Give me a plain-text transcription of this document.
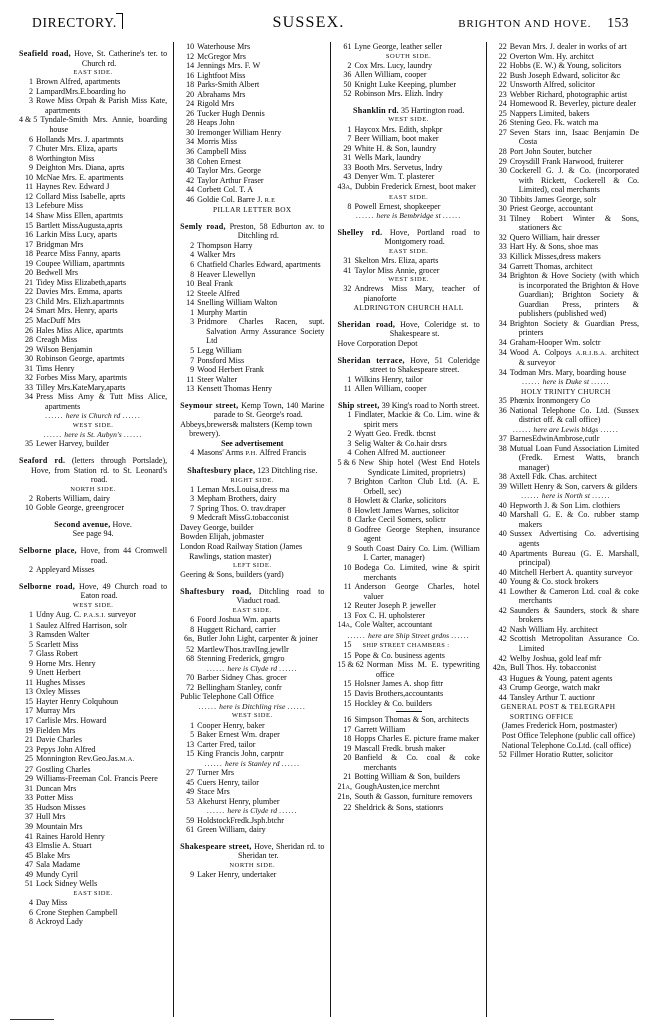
DIRECTORY.	SUSSEX.	BRIGHTON AND HOVE.	153
Seafield road, Hove, St. Catherine's ter. to Church rd.
EAST SIDE.
1 Brown Alfred, apartments
2 LampardMrs.E.boarding ho
3 Rowe Miss Orpah & Parish Miss Kate, apartments
4 & 5 Tyndale-Smith Mrs. Annie, boarding house
6 Hollands Mrs. J. apartmnts
7 Chuter Mrs. Eliza, aparts
8 Worthington Miss
9 Deighton Mrs. Diana, aprts
10 McNae Mrs. E. apartments
11 Haynes Rev. Edward J
12 Collard Miss Isabelle, aprts
13 Lefebure Miss
14 Shaw Miss Ellen, apartmts
15 Bartlett MissAugusta,aprts
16 Larkin Miss Lucy, aparts
17 Bridgman Mrs
18 Pearce Miss Fanny, aparts
19 Coupee William, apartmnts
20 Bedwell Mrs
21 Tidey Miss Elizabeth,aparts
22 Davies Mrs. Emma, aparts
23 Child Mrs. Elizh.apartmnts
24 Smart Mrs. Henry, aparts
25 MacDuff Mrs
26 Hales Miss Alice, apartmts
28 Creagh Miss
29 Wilson Benjamin
30 Robinson George, apartmts
31 Tims Henry
32 Forbes Miss Mary, apartmts
33 Tilley Mrs.KateMary,aparts
34 Press Miss Amy & Tutt Miss Alice, apartments
...... here is Church rd ......
WEST SIDE.
...... here is St. Aubyn's ......
35 Lewer Harvey, builder
Seaford rd. (letters through Portslade), Hove, from Station rd. to St. Leonard's road.
NORTH SIDE.
2 Roberts William, dairy
10 Goble George, greengrocer
Second avenue, Hove.
See page 94.
Selborne place, Hove, from 44 Cromwell road.
2 Appleyard Misses
Selborne road, Hove, 49 Church road to Eaton road.
WEST SIDE.
1 Udny Aug. C. P.A.S.I. surveyor
1 Saulez Alfred Harrison, solr
3 Ramsden Walter
5 Scarlett Miss
7 Glass Robert
9 Horne Mrs. Henry
9 Unett Herbert
11 Hughes Misses
13 Oxley Misses
15 Hayter Henry Colquhoun
17 Murray Mrs
17 Carlisle Mrs. Howard
19 Fielden Mrs
21 Davie Charles
23 Pepys John Alfred
25 Monnington Rev.Geo.Jas.M.A.
27 Gostling Charles
29 Williams-Freeman Col. Francis Peere
31 Duncan Mrs
33 Potter Miss
35 Hudson Misses
37 Hull Mrs
39 Mountain Mrs
41 Raines Harold Henry
43 Elmslie A. Stuart
45 Blake Mrs
47 Sala Madame
49 Mundy Cyril
51 Lock Sidney Wells
EAST SIDE.
4 Day Miss
6 Crone Stephen Campbell
8 Ackroyd Lady
10 Waterhouse Mrs
12 McGregor Mrs
14 Jennings Mrs. F. W
16 Lightfoot Miss
18 Parks-Smith Albert
20 Abrahams Mrs
24 Rigold Mrs
26 Tucker Hugh Dennis
28 Heaps John
30 Iremonger William Henry
34 Morris Miss
36 Campbell Miss
38 Cohen Ernest
40 Taylor Mrs. George
42 Taylor Arthur Fraser
44 Corbett Col. T. A
46 Goldie Col. Barre J. R.E
PILLAR LETTER BOX
Semly road, Preston, 58 Edburton av. to Ditchling rd.
2 Thompson Harry
4 Walker Mrs
6 Chatfield Charles Edward, apartments
8 Heaver Llewellyn
10 Beal Frank
12 Steele Alfred
14 Snelling William Walton
1 Murphy Martin
3 Pridmore Charles Racen, supt. Salvation Army Assurance Society Ltd
5 Legg William
7 Ponsford Miss
9 Wood Herbert Frank
11 Steer Walter
13 Kensett Thomas Henry
Seymour street, Kemp Town, 140 Marine parade to St. George's road.
Abbeys,brewers& maltsters (Kemp town brewery).
See advertisement
4 Masons' Arms P.H. Alfred Francis
Shaftesbury place, 123 Ditchling rise.
RIGHT SIDE.
1 Leman Mrs.Louisa,dress ma
3 Mepham Brothers, dairy
7 Spring Thos. O. trav.draper
9 Medcraft MissG.tobacconist
Davey George, builder
Bowden Elijah, jobmaster
London Road Railway Station (James Rawlings, station master)
LEFT SIDE.
Geering & Sons, builders (yard)
Shaftesbury road, Ditchling road to Viaduct road.
EAST SIDE.
6 Foord Joshua Wm. aparts
8 Huggett Richard, carrier
6B, Butler John Light, carpenter & joiner
52 MartlewThos.travlIng.jewllr
68 Stenning Frederick, grngro
...... here is Clyde rd ......
70 Barber Sidney Chas. grocer
72 Bellingham Stanley, confr
Public Telephone Call Office
...... here is Ditchling rise ......
WEST SIDE.
1 Cooper Henry, baker
5 Baker Ernest Wm. draper
13 Carter Fred, tailor
15 King Francis John, carpntr
...... here is Stanley rd ......
27 Turner Mrs
45 Cuers Henry, tailor
49 Stace Mrs
53 Akehurst Henry, plumber
...... here is Clyde rd ......
59 HoldstockFredk.Jsph.btchr
61 Green William, dairy
Shakespeare street, Hove, Sheridan rd. to Sheridan ter.
NORTH SIDE.
9 Laker Henry, undertaker
61 Lyne George, leather seller
SOUTH SIDE.
2 Cox Mrs. Lucy, laundry
36 Allen William, cooper
50 Knight Luke Keeping, plumber
52 Robinson Mrs. Elizh. lndry
Shanklin rd. 35 Hartington road.
WEST SIDE.
1 Haycox Mrs. Edith, shpkpr
7 Beer William, boot maker
29 White H. & Son, laundry
31 Wells Mark, laundry
33 Booth Mrs. Servetus, lndry
43 Denyer Wm. T. plasterer
43A, Dubbin Frederick Ernest, boot maker
EAST SIDE.
8 Powell Ernest, shopkeeper
...... here is Bembridge st ......
Shelley rd. Hove, Portland road to Montgomery road.
EAST SIDE.
31 Skelton Mrs. Eliza, aparts
41 Taylor Miss Annie, grocer
WEST SIDE.
32 Andrews Miss Mary, teacher of pianoforte
ALDRINGTON CHURCH HALL
Sheridan road, Hove, Coleridge st. to Shakespeare st.
Hove Corporation Depot
Sheridan terrace, Hove, 51 Coleridge street to Shakespeare street.
1 Wilkins Henry, tailor
11 Allen William, cooper
Ship street, 39 King's road to North street.
1 Findlater, Mackie & Co. Lim. wine & spirit mers
2 Wyatt Geo. Fredk. tbcnst
3 Selig Walter & Co.hair drsrs
4 Cohen Alfred M. auctioneer
5 & 6 New Ship hotel (West End Hotels Syndicate Limited, proprietrs)
7 Brighton Carlton Club Ltd. (A. E. Orbell, sec)
8 Howlett & Clarke, solicitors
8 Howlett James Warnes, solicitor
8 Clarke Cecil Somers, solictr
8 Godfree George Stephen, insurance agent
9 South Coast Dairy Co. Lim. (William I. Carter, manager)
10 Bodega Co. Limited, wine & spirit merchants
11 Anderson George Charles, hotel valuer
12 Reuter Joseph P. jeweller
13 Fox C. H. upholsterer
14A, Cole Walter, accountant
...... here are Ship Street grdns ......
15	SHIP STREET CHAMBERS :
15 Pope & Co. business agents
15 & 62 Norman Miss M. E. typewriting office
15 Holsner James A. shop fittr
15 Davis Brothers,accountants
15 Hockley & Co. builders
16 Simpson Thomas & Son, architects
17 Garrett William
18 Hopps Charles E. picture frame maker
19 Mascall Fredk. brush maker
20 Banfield & Co. coal & coke merchants
21 Botting William & Son, builders
21A, GoughAusten,ice merchnt
21B, South & Gasson, furniture removers
22 Sheldrick & Sons, stationrs
22 Bevan Mrs. J. dealer in works of art
22 Overton Wm. Hy. architct
22 Hobbs (E. W.) & Young, solicitors
22 Bush Joseph Edward, solicitor &c
22 Unsworth Alfred, solicitor
23 Webber Richard, photographic artist
24 Homewood R. Beverley, picture dealer
25 Nappers Limited, bakers
26 Stening Geo. Fk. watch ma
27 Seven Stars inn, Isaac Benjamin De Costa
28 Port John Souter, butcher
29 Croysdill Frank Harwood, fruiterer
30 Cockerell G. J. & Co. (incorporated with Rickett, Cockerell & Co. Limited), coal merchants
30 Tibbits James George, solr
30 Priest George, accountant
31 Tilney Robert Winter & Sons, stationers &c
32 Quero William, hair dresser
33 Hart Hy. & Sons, shoe mas
33 Killick Misses,dress makers
34 Garrett Thomas, architect
34 Brighton & Hove Society (with which is incorporated the Brighton & Hove Guardian); Brighton Society & Guardian Press, printers & publishers (published wed)
34 Brighton Society & Guardian Press, printers
34 Graham-Hooper Wm. solctr
34 Wood A. Colpoys A.R.I.B.A. architect & surveyor
34 Todman Mrs. Mary, boarding house
...... here is Duke st ......
HOLY TRINITY CHURCH
35 Phœnix Ironmongery Co
36 National Telephone Co. Ltd. (Sussex district off. & call office)
...... here are Lewis bldgs ......
37 BarnesEdwinAmbrose,cutlr
38 Mutual Loan Fund Association Limited (Fredk. Ernest Watts, branch manager)
38 Axtell Fdk. Chas. architect
39 Willett Henry & Son, carvers & gilders
...... here is North st ......
40 Hepworth J. & Son Lim. clothiers
40 Marshall G. E. & Co. rubber stamp makers
40 Sussex Advertising Co. advertising agents
40 Apartments Bureau (G. E. Marshall, principal)
40 Mitchell Herbert A. quantity surveyor
40 Young & Co. stock brokers
41 Lowther & Cameron Ltd. coal & coke merchants
42 Saunders & Saunders, stock & share brokers
42 Nash William Hy. architect
42 Scottish Metropolitan Assurance Co. Limited
42 Welby Joshua, gold leaf mfr
42B, Bull Thos. Hy. tobacconist
43 Hugues & Young, patent agents
43 Crump George, watch makr
44 Tansley Arthur T. auctionr
GENERAL POST & TELEGRAPH SORTING OFFICE
(James Frederick Horn, postmaster)
Post Office Telephone (public call office)
National Telephone Co.Ltd. (call office)
52 Fillmer Horatio Rutter, solicitor
